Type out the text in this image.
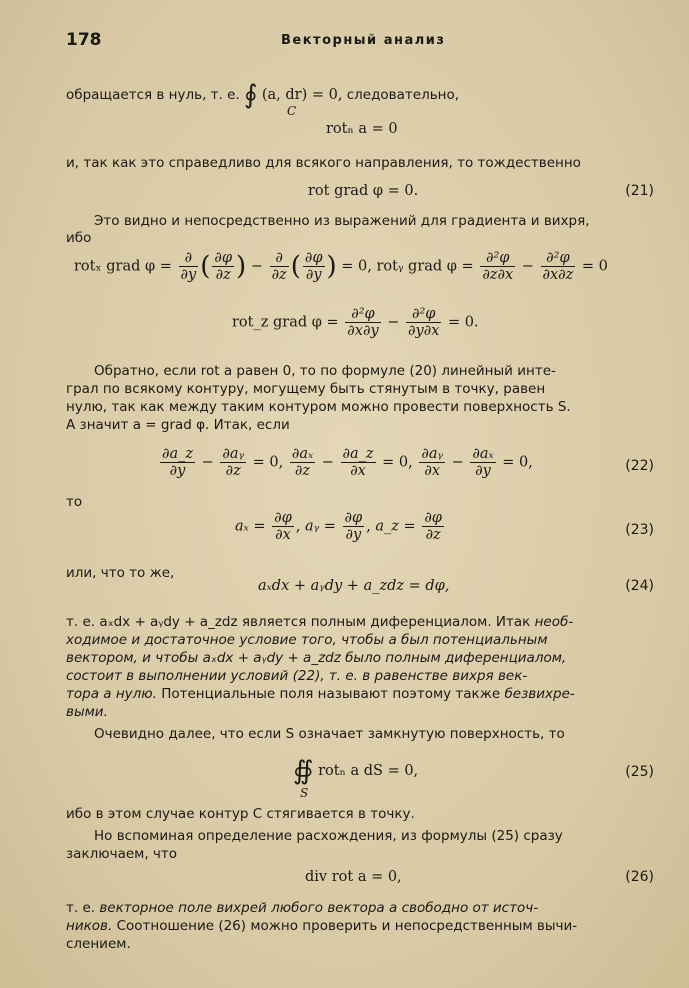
178	Векторный анализ
обращается в нуль, т. е. ∮ (a, dr) = 0, следовательно,
C
rotₙ a = 0
и, так как это справедливо для всякого направления, то тождественно
rot grad φ = 0.	(21)
Это видно и непосредственно из выражений для градиента и вихря,
ибо
rotₓ grad $\varphi = \frac{\partial}{\partial y}$ ( $\frac{\partial\varphi}{\partial z}$ ) − $\frac{\partial}{\partial z}$ ( $\frac{\partial\varphi}{\partial y}$ ) = 0, rotᵧ grad $\varphi = \frac{\text{∂²φ}}{\partial z\partial x} - \frac{\text{∂²φ}}{\partial x\partial z} = 0$
rot_z grad $\varphi = \frac{\text{∂²φ}}{\partial x\partial y} - \frac{\text{∂²φ}}{\partial y\partial x} = 0$.
Обратно, если rot a равен 0, то по формуле (20) линейный инте-
грал по всякому контуру, могущему быть стянутым в точку, равен
нулю, так как между таким контуром можно провести поверхность S.
А значит a = grad φ. Итак, если
$\frac{\partial a\_z}{\partial y} - \frac{\text{∂aᵧ}}{\partial z} = 0$, $\frac{\text{∂aₓ}}{\partial z} - \frac{\partial a\_z}{\partial x} = 0$, $\frac{\text{∂aᵧ}}{\partial x} - \frac{\text{∂aₓ}}{\partial y} = 0$,	(22)
то
$a_x = \frac{\partial\varphi}{\partial x}$ , aᵧ = $\frac{\partial\varphi}{\partial y}$ , a_z = $\frac{\partial\varphi}{\partial z}$	(23)
или, что то же,
aₓdx + aᵧdy + a_zdz = dφ,	(24)
т. е. aₓdx + aᵧdy + a_zdz является полным диференциалом. Итак необ-
ходимое и достаточное условие того, чтобы а был потенциальным
вектором, и чтобы aₓdx + aᵧdy + a_zdz было полным диференциалом,
состоит в выполнении условий (22), т. е. в равенстве вихря век-
тора а нулю. Потенциальные поля называют поэтому также безвихре-
выми.
Очевидно далее, что если S означает замкнутую поверхность, то
∯ rotₙ a dS = 0,
S
(25)
ибо в этом случае контур C стягивается в точку.
Но вспоминая определение расхождения, из формулы (25) сразу
заключаем, что
div rot a = 0,	(26)
т. е. векторное поле вихрей любого вектора а свободно от источ-
ников. Соотношение (26) можно проверить и непосредственным вычи-
слением.
